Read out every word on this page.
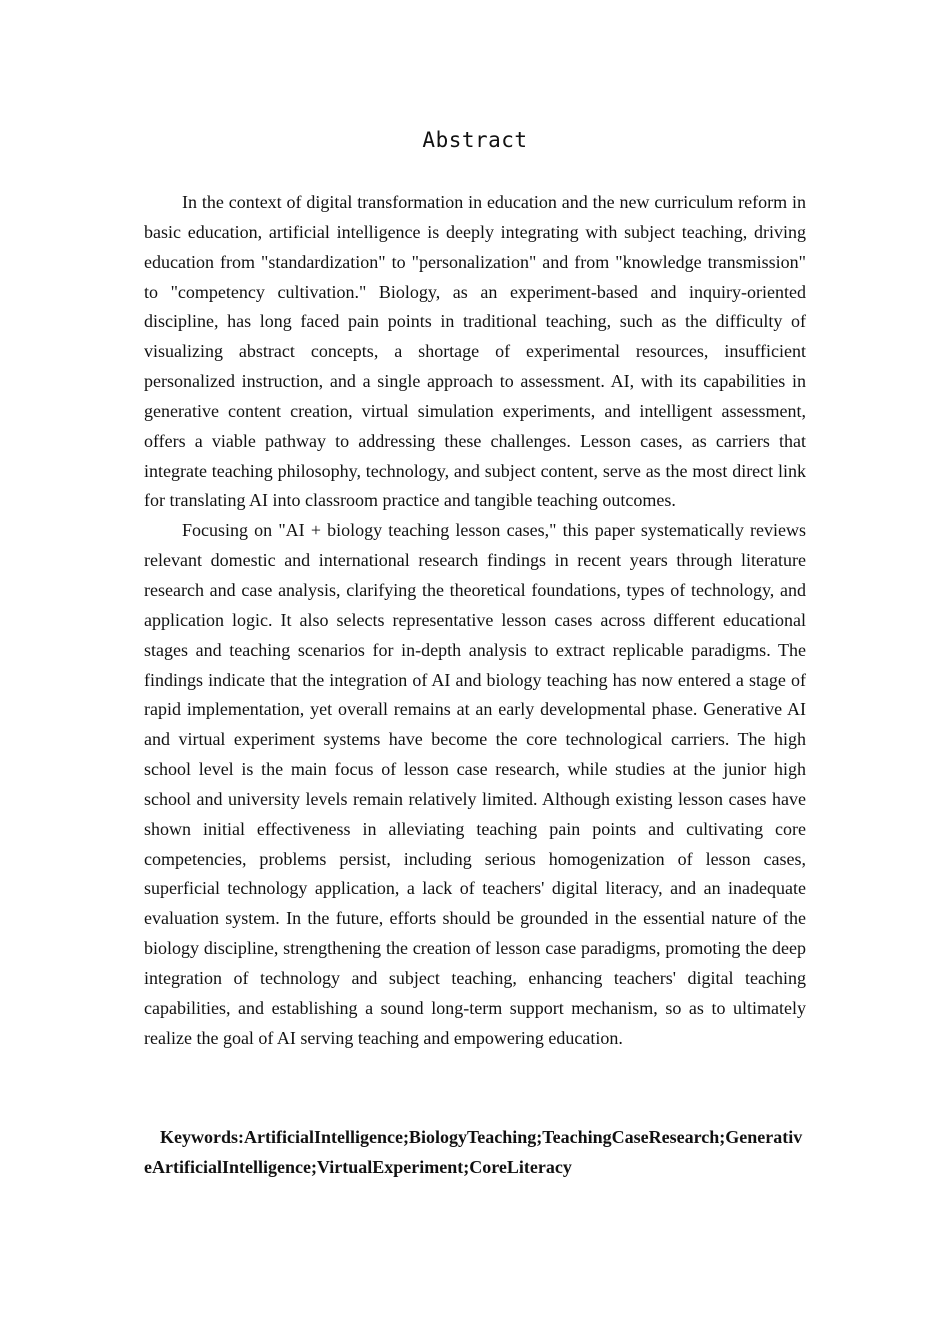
Abstract

In the context of digital transformation in education and the new curriculum reform in basic education, artificial intelligence is deeply integrating with subject teaching, driving education from "standardization" to "personalization" and from "knowledge transmission" to "competency cultivation." Biology, as an experiment-based and inquiry-oriented discipline, has long faced pain points in traditional teaching, such as the difficulty of visualizing abstract concepts, a shortage of experimental resources, insufficient personalized instruction, and a single approach to assessment. AI, with its capabilities in generative content creation, virtual simulation experiments, and intelligent assessment, offers a viable pathway to addressing these challenges. Lesson cases, as carriers that integrate teaching philosophy, technology, and subject content, serve as the most direct link for translating AI into classroom practice and tangible teaching outcomes.

Focusing on "AI + biology teaching lesson cases," this paper systematically reviews relevant domestic and international research findings in recent years through literature research and case analysis, clarifying the theoretical foundations, types of technology, and application logic. It also selects representative lesson cases across different educational stages and teaching scenarios for in-depth analysis to extract replicable paradigms. The findings indicate that the integration of AI and biology teaching has now entered a stage of rapid implementation, yet overall remains at an early developmental phase. Generative AI and virtual experiment systems have become the core technological carriers. The high school level is the main focus of lesson case research, while studies at the junior high school and university levels remain relatively limited. Although existing lesson cases have shown initial effectiveness in alleviating teaching pain points and cultivating core competencies, problems persist, including serious homogenization of lesson cases, superficial technology application, a lack of teachers' digital literacy, and an inadequate evaluation system. In the future, efforts should be grounded in the essential nature of the biology discipline, strengthening the creation of lesson case paradigms, promoting the deep integration of technology and subject teaching, enhancing teachers' digital teaching capabilities, and establishing a sound long-term support mechanism, so as to ultimately realize the goal of AI serving teaching and empowering education.

Keywords:ArtificialIntelligence;BiologyTeaching;TeachingCaseResearch;GenerativeArtificialIntelligence;VirtualExperiment;CoreLiteracy
